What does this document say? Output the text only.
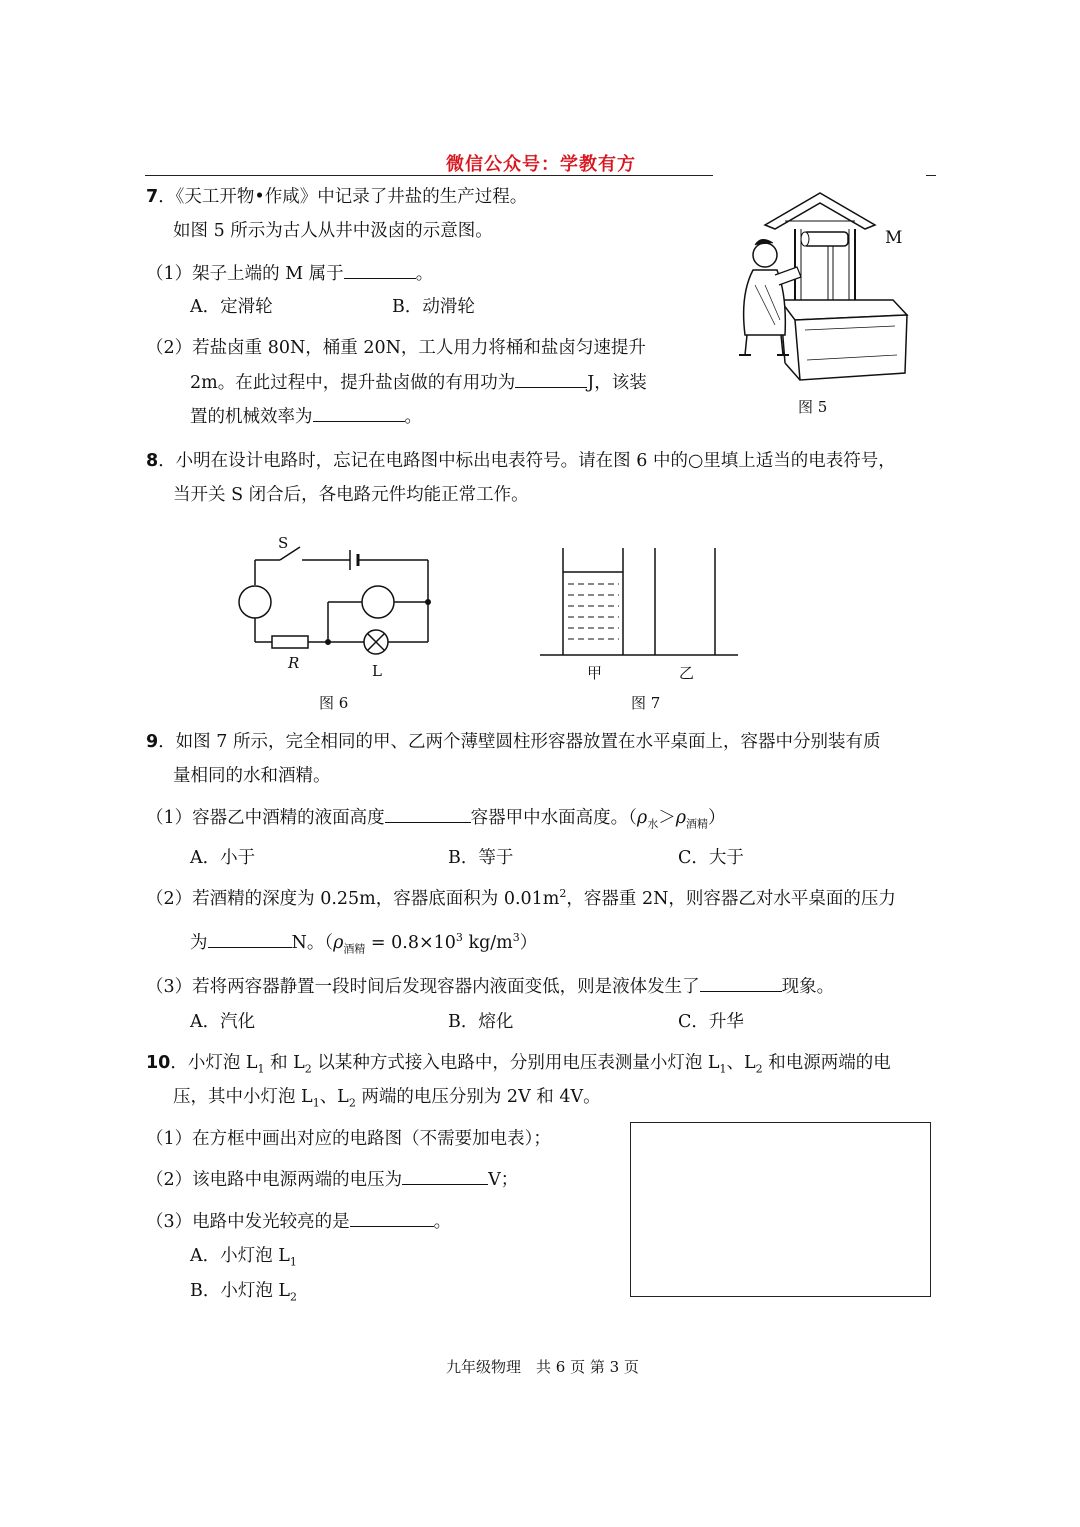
微信公众号：学教有方
7．《天工开物•作咸》中记录了井盐的生产过程。
如图 5 所示为古人从井中汲卤的示意图。
（1）架子上端的 M 属于	。
A．定滑轮	B．动滑轮
（2）若盐卤重 80N，桶重 20N，工人用力将桶和盐卤匀速提升
2m。在此过程中，提升盐卤做的有用功为	J，该装
置的机械效率为	。
M
图 5
8．小明在设计电路时，忘记在电路图中标出电表符号。请在图 6 中的○里填上适当的电表符号，
当开关 S 闭合后，各电路元件均能正常工作。
S
R	L
图 6
甲	乙
图 7
9．如图 7 所示，完全相同的甲、乙两个薄壁圆柱形容器放置在水平桌面上，容器中分别装有质
量相同的水和酒精。
（1）容器乙中酒精的液面高度	容器甲中水面高度。$(\rho_水>\rho_{酒精})$
A．小于	B．等于	C．大于
（2）若酒精的深度为 0.25m，容器底面积为 $0.01m^2$，容器重 2N，则容器乙对水平桌面的压力
为	N。（$\rho_{酒精} = 0.8\times 10^3$ $kg/m^3$）
（3）若将两容器静置一段时间后发现容器内液面变低，则是液体发生了	现象。
A．汽化	B．熔化	C．升华
10．小灯泡 $L_1$ 和 $L_2$ 以某种方式接入电路中，分别用电压表测量小灯泡 $L_1$、$L_2$ 和电源两端的电
压，其中小灯泡 $L_1$、$L_2$ 两端的电压分别为 2V 和 4V。
（1）在方框中画出对应的电路图（不需要加电表）；
（2）该电路中电源两端的电压为	V；
（3）电路中发光较亮的是	。
A．小灯泡 $L_1$
B．小灯泡 $L_2$
九年级物理　共 6 页 第 3 页
